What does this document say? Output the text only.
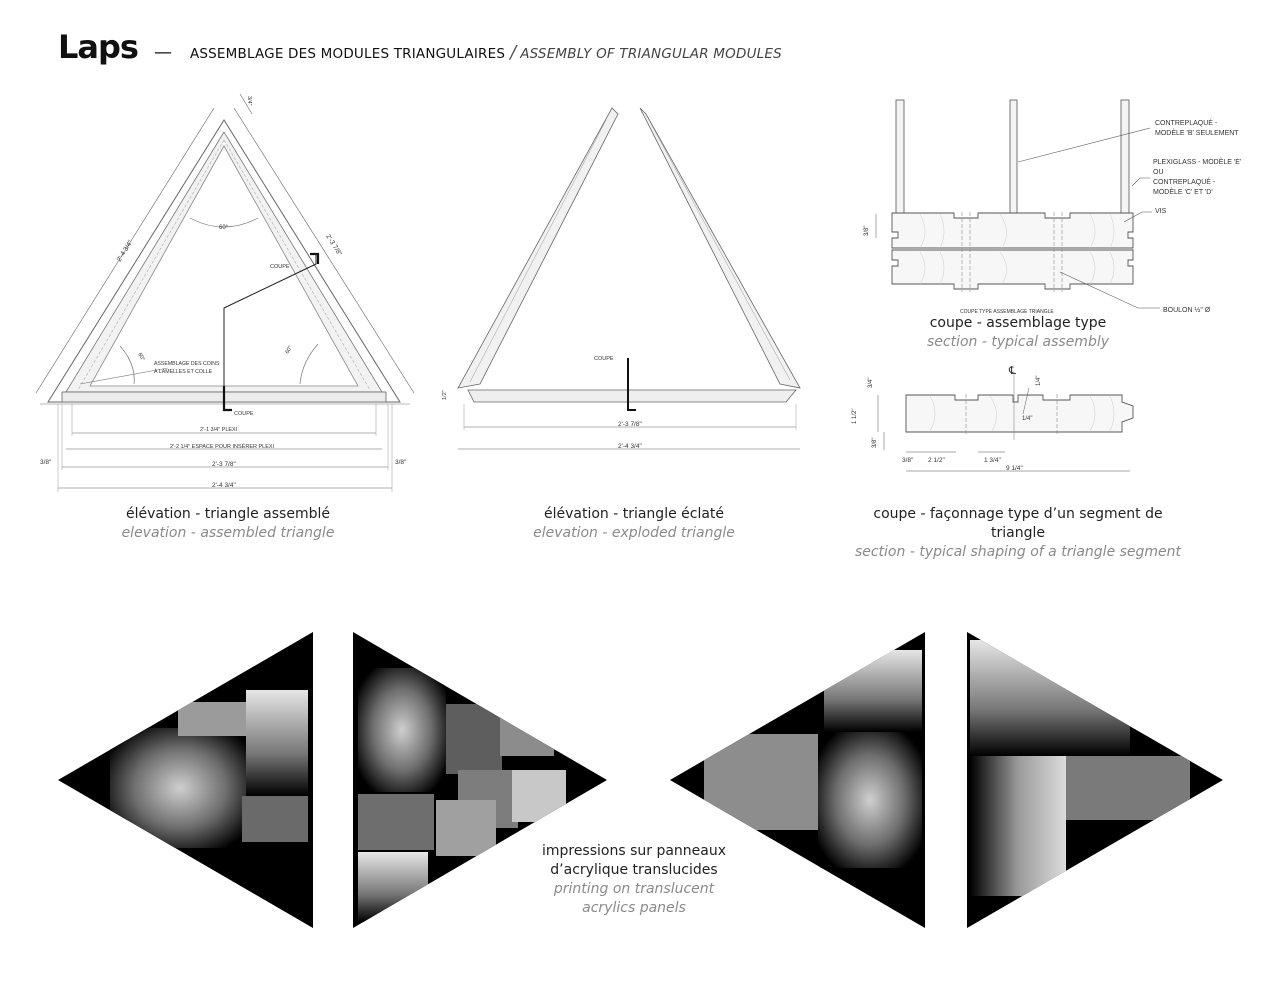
Laps — ASSEMBLAGE DES MODULES TRIANGULAIRES / ASSEMBLY OF TRIANGULAR MODULES
60°
COUPE
ASSEMBLAGE DES COINS
À LAMELLES ET COLLE
COUPE
2'-1 3/4" PLEXI
2'-2 1/4" ESPACE POUR INSÉRER PLEXI
2'-3 7/8"
2'-4 3/4"
3/8"	3/8"
2'-4 3/4"	2'-3 7/8"
3/4"
60°
60°
COUPE
2'-3 7/8"
2'-4 3/4"
1/2"
CONTREPLAQUÉ -
MODÈLE 'B' SEULEMENT
PLEXIGLASS - MODÈLE 'E'
OU
CONTREPLAQUÉ -
MODÈLE 'C' ET 'D'
VIS
BOULON ½" Ø
COUPE TYPE ASSEMBLAGE TRIANGLE
3/8"
℄
1/4"
3/8" 2 1/2"	1 3/4"
9 1/4"
3/4"	1/4"
1 1/2"
3/8"
élévation - triangle assemblé
elevation - assembled triangle
élévation - triangle éclaté
elevation - exploded triangle
coupe - façonnage type d’un segment de triangle
section - typical shaping of a triangle segment
coupe - assemblage type
section - typical assembly
impressions sur panneaux
d’acrylique translucides
printing on translucent
acrylics panels
